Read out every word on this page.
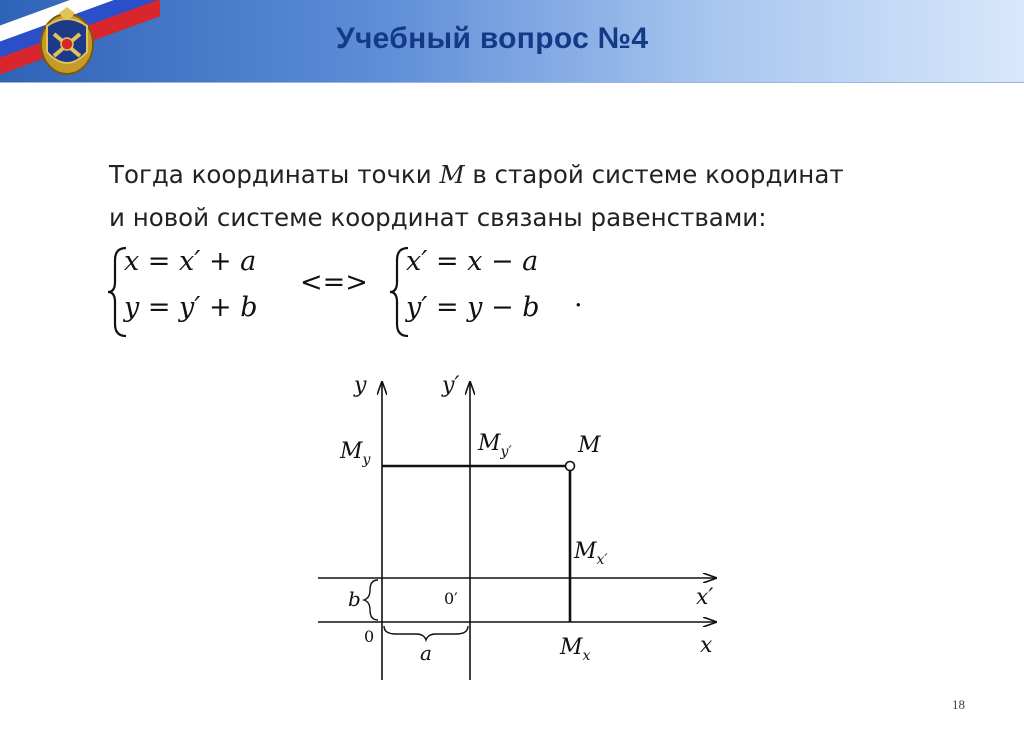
Учебный вопрос №4
Тогда координаты точки M в старой системе координат
и новой системе координат связаны равенствами:
x = x′ + a
y = y′ + b
<=>
x′ = x − a
y′ = y − b .
y	y′
$M_y$
$M_{y'}$	M
$M_{x'}$
x′
b	0′
0
a	$M_x$	x
18
